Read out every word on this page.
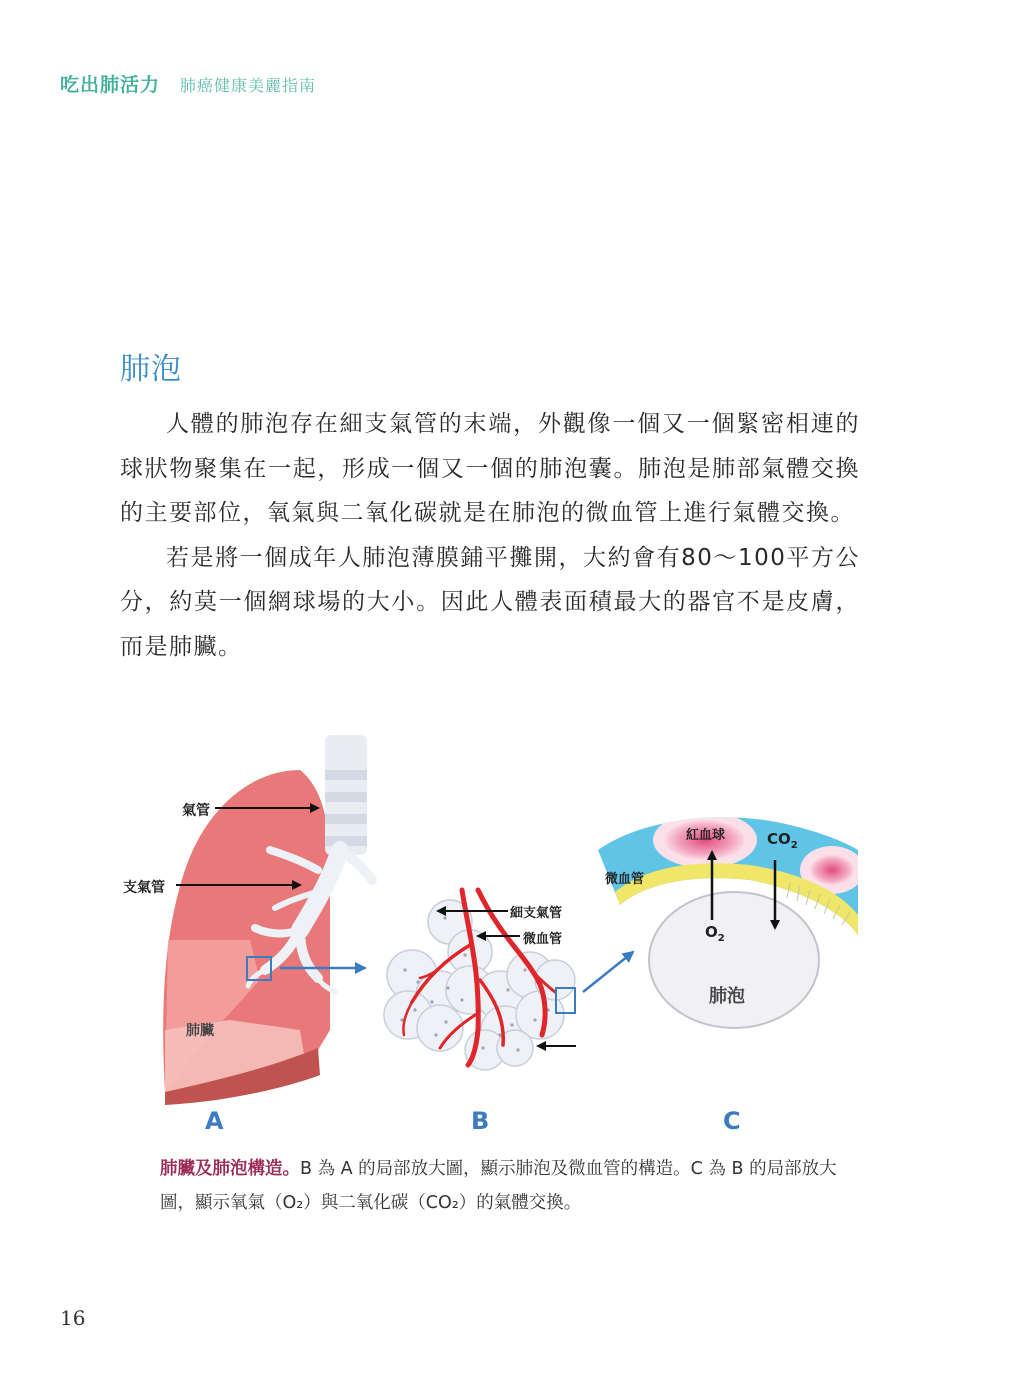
吃出肺活力 肺癌健康美麗指南
肺泡

人體的肺泡存在細支氣管的末端，外觀像一個又一個緊密相連的球狀物聚集在一起，形成一個又一個的肺泡囊。肺泡是肺部氣體交換的主要部位，氧氣與二氧化碳就是在肺泡的微血管上進行氣體交換。

若是將一個成年人肺泡薄膜鋪平攤開，大約會有80～100平方公分，約莫一個網球場的大小。因此人體表面積最大的器官不是皮膚，而是肺臟。

氣管
支氣管
肺臟
細支氣管
微血管
紅血球	$CO_2$
微血管
$O_2$
肺泡
A	B	C

肺臟及肺泡構造。B 為 A 的局部放大圖，顯示肺泡及微血管的構造。C 為 B 的局部放大圖，顯示氧氣（O₂）與二氧化碳（CO₂）的氣體交換。

16
